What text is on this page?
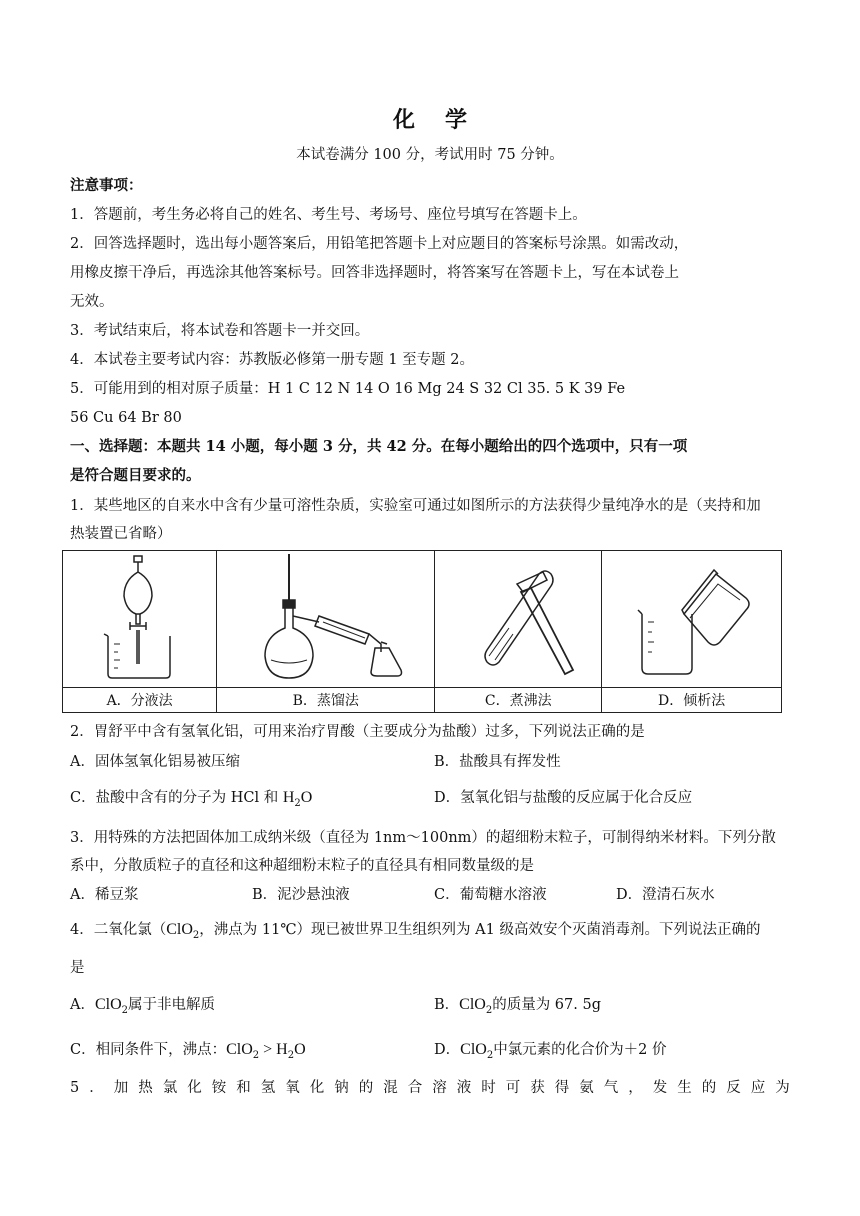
化学
本试卷满分 100 分，考试用时 75 分钟。
注意事项：
1．答题前，考生务必将自己的姓名、考生号、考场号、座位号填写在答题卡上。
2．回答选择题时，选出每小题答案后，用铅笔把答题卡上对应题目的答案标号涂黑。如需改动，
用橡皮擦干净后，再选涂其他答案标号。回答非选择题时，将答案写在答题卡上，写在本试卷上
无效。
3．考试结束后，将本试卷和答题卡一并交回。
4．本试卷主要考试内容：苏教版必修第一册专题 1 至专题 2。
5．可能用到的相对原子质量：H 1 C 12 N 14 O 16 Mg 24 S 32 Cl 35. 5 K 39 Fe
56 Cu 64 Br 80
一、选择题：本题共 14 小题，每小题 3 分，共 42 分。在每小题给出的四个选项中，只有一项
是符合题目要求的。
1．某些地区的自来水中含有少量可溶性杂质，实验室可通过如图所示的方法获得少量纯净水的是（夹持和加
热装置已省略）

A．分液法	B．蒸馏法	C．煮沸法	D．倾析法
2．胃舒平中含有氢氧化铝，可用来治疗胃酸（主要成分为盐酸）过多，下列说法正确的是
A．固体氢氧化铝易被压缩	B．盐酸具有挥发性
C．盐酸中含有的分子为 HCl 和 $H_2O$	D．氢氧化铝与盐酸的反应属于化合反应
3．用特殊的方法把固体加工成纳米级（直径为 1nm～100nm）的超细粉末粒子，可制得纳米材料。下列分散
系中，分散质粒子的直径和这种超细粉末粒子的直径具有相同数量级的是
A．稀豆浆	B．泥沙悬浊液	C．葡萄糖水溶液	D．澄清石灰水
4．二氧化氯（ClO$_2$，沸点为 11℃）现已被世界卫生组织列为 A1 级高效安个灭菌消毒剂。下列说法正确的
是
A．ClO$_2$属于非电解质	B．ClO$_2$的质量为 67. 5g
C．相同条件下，沸点：$ClO_2 > H_2O$	D．ClO$_2$中氯元素的化合价为＋2 价
5 ． 加 热 氯 化 铵 和 氢 氧 化 钠 的 混 合 溶 液 时 可 获 得 氨 气 ， 发 生 的 反 应 为
